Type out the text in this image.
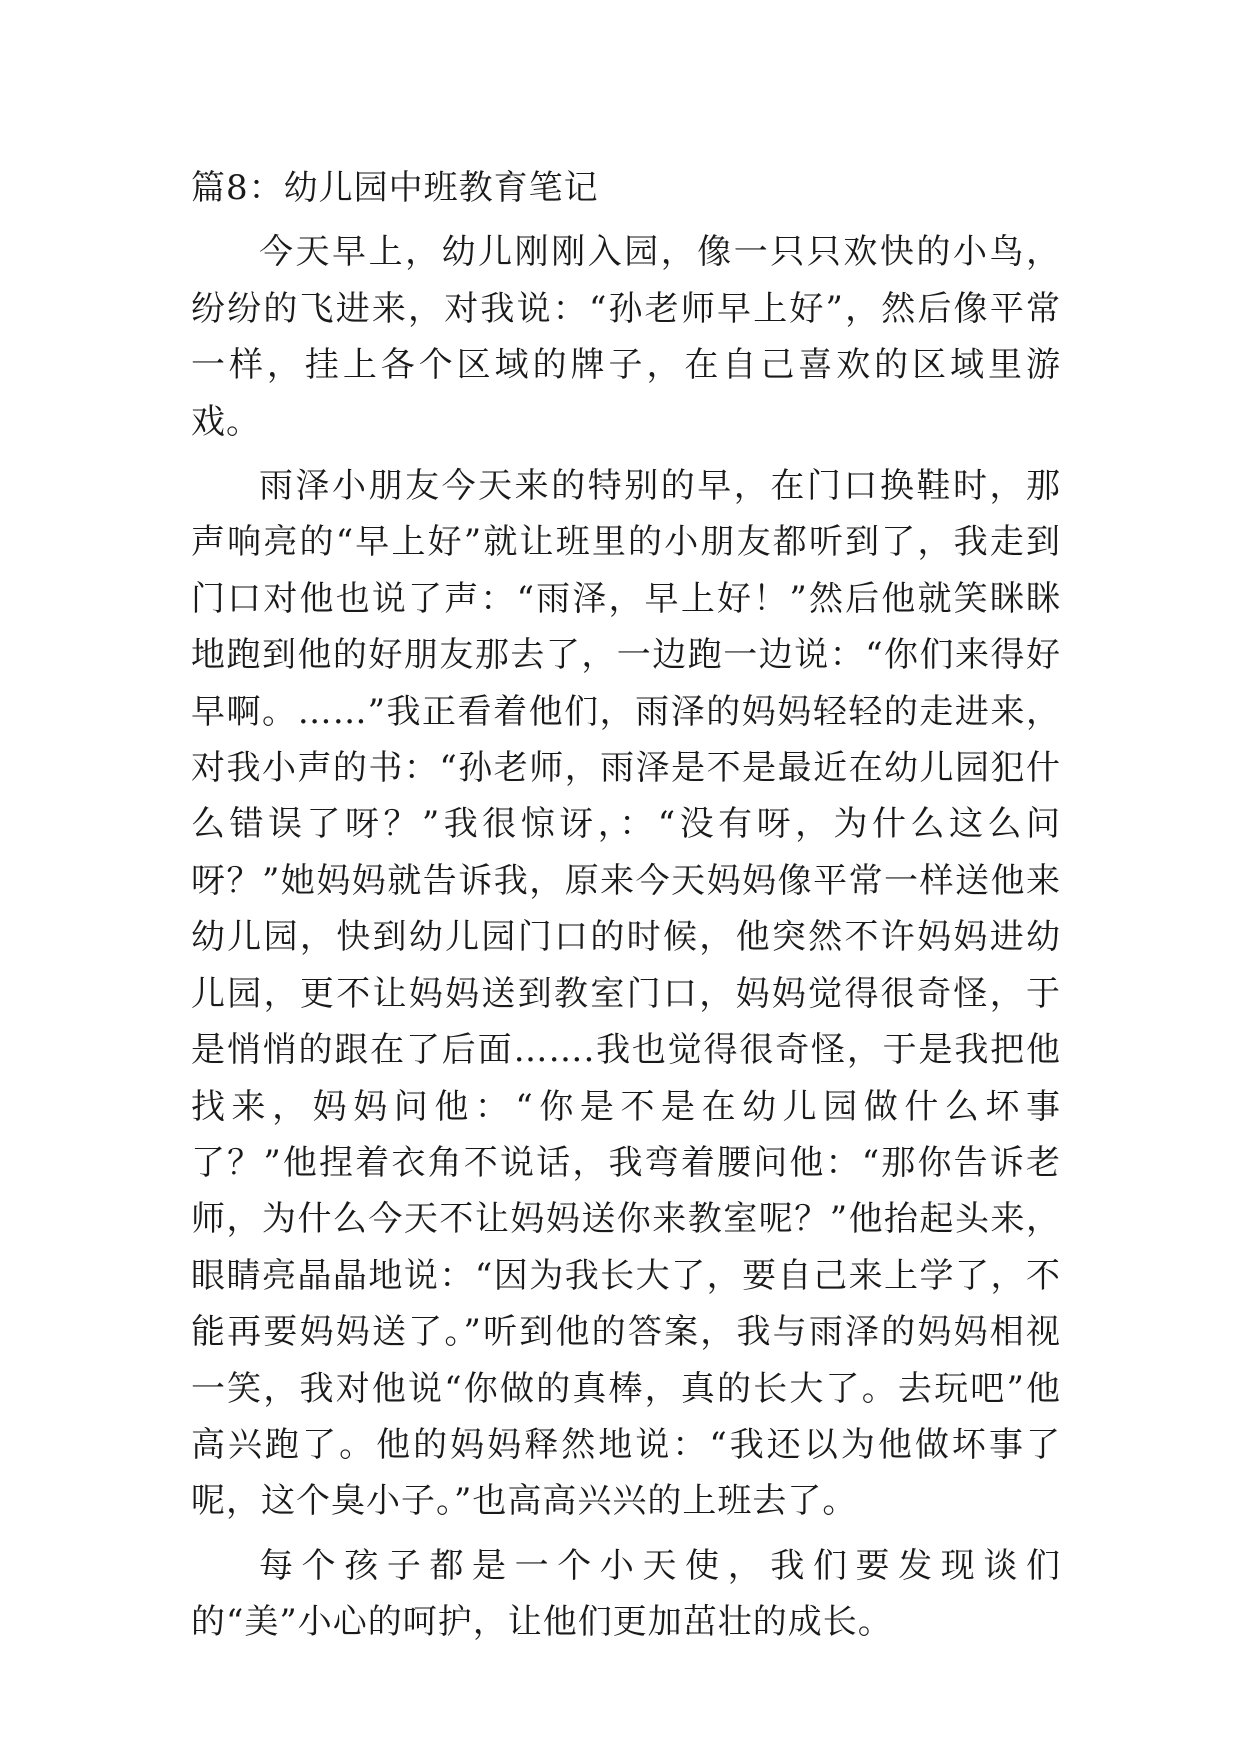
篇8：幼儿园中班教育笔记

今天早上，幼儿刚刚入园，像一只只欢快的小鸟，纷纷的飞进来，对我说：“孙老师早上好”，然后像平常一样，挂上各个区域的牌子，在自己喜欢的区域里游戏。

雨泽小朋友今天来的特别的早，在门口换鞋时，那声响亮的“早上好”就让班里的小朋友都听到了，我走到门口对他也说了声：“雨泽，早上好！”然后他就笑眯眯地跑到他的好朋友那去了，一边跑一边说：“你们来得好早啊。……”我正看着他们，雨泽的妈妈轻轻的走进来，对我小声的书：“孙老师，雨泽是不是最近在幼儿园犯什么错误了呀？”我很惊讶，：“没有呀，为什么这么问呀？”她妈妈就告诉我，原来今天妈妈像平常一样送他来幼儿园，快到幼儿园门口的时候，他突然不许妈妈进幼儿园，更不让妈妈送到教室门口，妈妈觉得很奇怪，于是悄悄的跟在了后面…….我也觉得很奇怪，于是我把他找来，妈妈问他：“你是不是在幼儿园做什么坏事了？”他捏着衣角不说话，我弯着腰问他：“那你告诉老师，为什么今天不让妈妈送你来教室呢？”他抬起头来，眼睛亮晶晶地说：“因为我长大了，要自己来上学了，不能再要妈妈送了。”听到他的答案，我与雨泽的妈妈相视一笑，我对他说“你做的真棒，真的长大了。去玩吧”他高兴跑了。他的妈妈释然地说：“我还以为他做坏事了呢，这个臭小子。”也高高兴兴的上班去了。

每个孩子都是一个小天使，我们要发现谈们的“美”小心的呵护，让他们更加茁壮的成长。
